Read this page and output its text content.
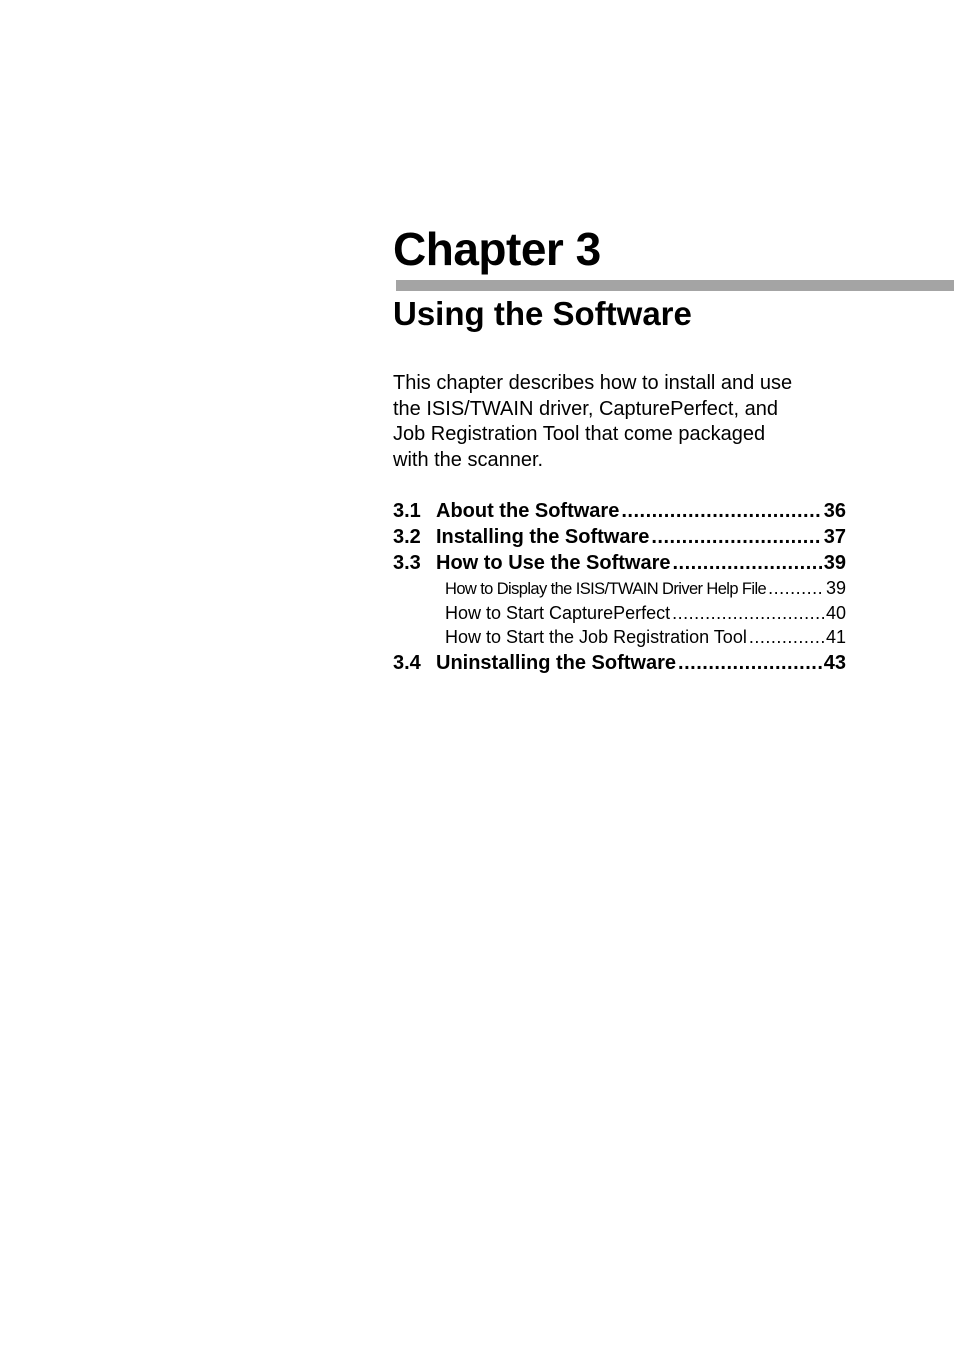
Chapter 3
Using the Software
This chapter describes how to install and use
the ISIS/TWAIN driver, CapturePerfect, and
Job Registration Tool that come packaged
with the scanner.
3.1 About the Software .....	36
3.2 Installing the Software .....	37
3.3 How to Use the Software .....	39
How to Display the ISIS/TWAIN Driver Help File .....	39
How to Start CapturePerfect .....	40
How to Start the Job Registration Tool .....	41
3.4 Uninstalling the Software .....	43
